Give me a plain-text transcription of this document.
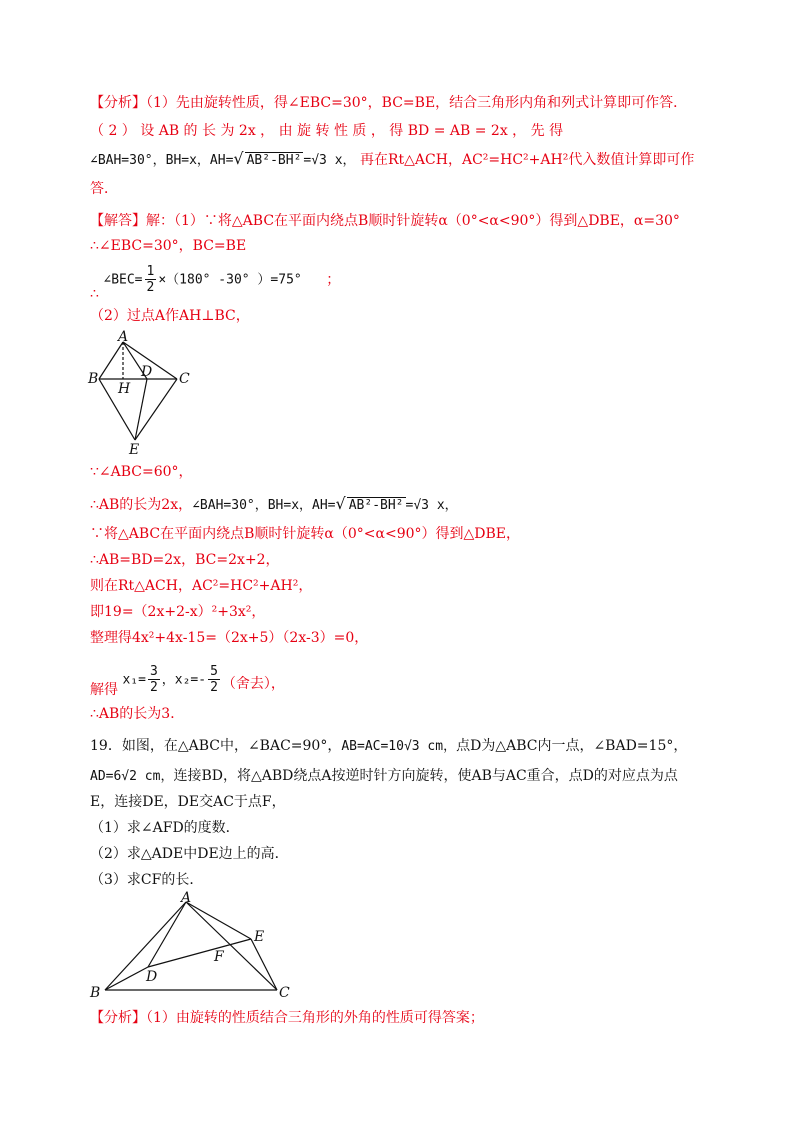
【分析】（1）先由旋转性质，得∠EBC=30°，BC=BE，结合三角形内角和列式计算即可作答．
（ 2 ） 设 AB 的 长 为 2x ， 由 旋 转 性 质 ， 得 BD = AB = 2x ， 先 得
∠BAH=30°，BH=x，AH=√ AB²-BH² =√3 x， 再在Rt△ACH，AC²=HC²+AH²代入数值计算即可作
答．
【解答】解：（1）∵将△ABC在平面内绕点B顺时针旋转α（0°<α<90°）得到△DBE，α=30°
∴∠EBC=30°，BC=BE
∴ ∠BEC= $\frac{1}{2} \times(180^\circ$ -30° ）=75° ；
（2）过点A作AH⊥BC，
A
B	C
D
H
E
∵∠ABC=60°，
∴AB的长为2x，∠BAH=30°，BH=x，AH=√ AB²-BH² =√3 x，
∵将△ABC在平面内绕点B顺时针旋转α（0°<α<90°）得到△DBE，
∴AB=BD=2x，BC=2x+2，
则在Rt△ACH，AC²=HC²+AH²，
即19=（2x+2-x）²+3x²，
整理得4x²+4x-15=（2x+5）（2x-3）=0，
解得 $x_1= \frac{3}{2}$ ，$x_2=- \frac{5}{2}$ （舍去），
∴AB的长为3．
19．如图，在△ABC中，∠BAC=90°，AB=AC=10√3 cm，点D为△ABC内一点，∠BAD=15°，
AD=6√2 cm，连接BD，将△ABD绕点A按逆时针方向旋转，使AB与AC重合，点D的对应点为点
E，连接DE，DE交AC于点F，
（1）求∠AFD的度数．
（2）求△ADE中DE边上的高．
（3）求CF的长．
A
B	C
D
E
F
【分析】（1）由旋转的性质结合三角形的外角的性质可得答案；
